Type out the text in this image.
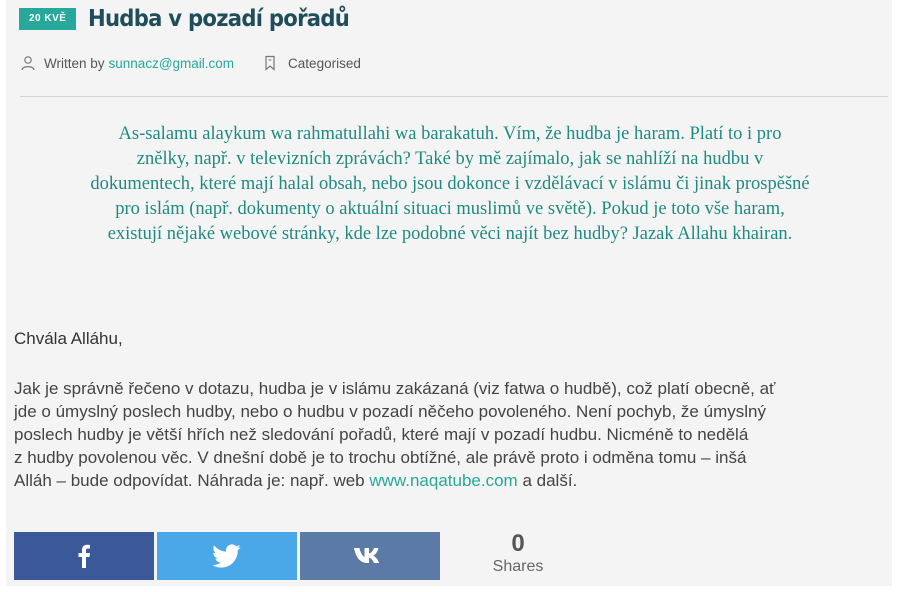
20 KVĚ Hudba v pozadí pořadů
Written by sunnacz@gmail.com	Categorised

As-salamu alaykum wa rahmatullahi wa barakatuh. Vím, že hudba je haram. Platí to i pro

znělky, např. v televizních zprávách? Také by mě zajímalo, jak se nahlíží na hudbu v

dokumentech, které mají halal obsah, nebo jsou dokonce i vzdělávací v islámu či jinak prospěšné

pro islám (např. dokumenty o aktuální situaci muslimů ve světě). Pokud je toto vše haram,

existují nějaké webové stránky, kde lze podobné věci najít bez hudby? Jazak Allahu khairan.

Chvála Alláhu,

Jak je správně řečeno v dotazu, hudba je v islámu zakázaná (viz fatwa o hudbě), což platí obecně, ať

jde o úmyslný poslech hudby, nebo o hudbu v pozadí něčeho povoleného. Není pochyb, že úmyslný

poslech hudby je větší hřích než sledování pořadů, které mají v pozadí hudbu. Nicméně to nedělá

z hudby povolenou věc. V dnešní době je to trochu obtížné, ale právě proto i odměna tomu – inšá

Alláh – bude odpovídat. Náhrada je: např. web www.naqatube.com a další.

0
Shares
